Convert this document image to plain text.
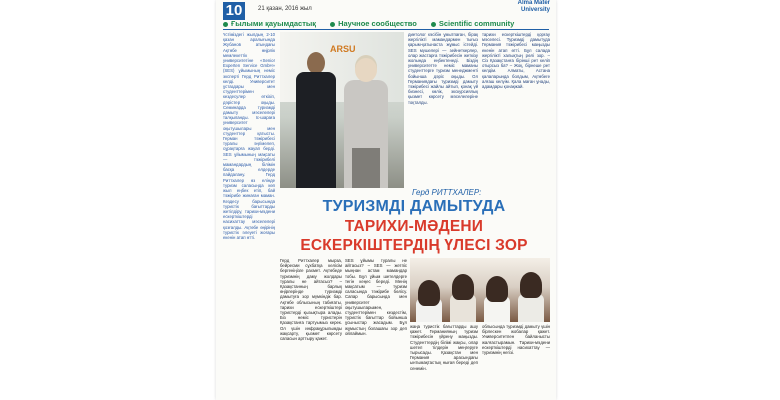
10	21 қазан, 2016 жыл
Alma Mater
University
Ғылыми қауымдастық	Научное сообщество	Scientific community
Үстіміздегі жылдың 2-10 қазан аралығында Жубанов атындағы Ақтөбе өңірлік мемлекеттік университетіне «Senior Experten Service GmbH» (SES) ұйымының неміс эксперті Герд Риттхалер келді. Университет ұстаздары мен студенттерімен кездесулер өткізіп, дәрістер оқыды. Семинарда туризмді дамыту мәселелері талқыланды. Іс-шараға университет оқытушылары мен студенттер қатысты. Герман тәжірибесі туралы әңгімелеп, сұрақтарға жауап берді. SES ұйымының мақсаты — тәжірибелі мамандардың білімін басқа елдерде пайдалану. Герд Риттхалер өз елінде туризм саласында көп жыл еңбек етіп, бай тәжірибе жинаған маман. Кездесу барысында туристік бағыттарды жетілдіру, тарихи-мәдени ескерткіштерді насихаттау мәселелері қозғалды. Ақтөбе өңірінің туристік әлеуеті жоғары екенін атап өтті.
ARSU
диетолог кәсібін ұмытпаған, бірақ жергілікті мамандармен тығыз қарым-қатынаста жұмыс істейді. SES мүшелері — зейнеткерлер, олар жастарға тәжірибесін жеткізу жолында еңбектенеді. Біздің университетте неміс маманы студенттерге туризм менеджменті бойынша дәріс оқыды. Ол Германиядағы туризмді дамыту тәжірибесі жайлы айтып, қонақ үй бизнесі, көлік, экскурсиялық қызмет көрсету мәселелеріне тоқталды.
тарихи ескерткіштерді қорғау мәселесі. Туризмді дамытуда Германия тәжірибесі маңызды екенін атап өтті. Бұл салада жергілікті халықтың рөлі зор. – Сіз Қазақстанға бірінші рет келіп отырсыз ба? – Жоқ, бірнеше рет келдім. Алматы, Астана қалаларында болдым, Ақтөбеге алғаш келуім. Қала маған ұнады, адамдары қонақжай.
Герд РИТТХАЛЕР:
ТУРИЗМДІ ДАМЫТУДА
ТАРИХИ-МӘДЕНИ
ЕСКЕРКІШТЕРДІҢ ҮЛЕСІ ЗОР
Герд Риттхалер мырза, бейресми сұхбатқа келісім бергеніңізге рахмет. Ақтөбеде туризмнің даму жолдары туралы не айтасыз? – Қазақстанның барлық өңірлерінде туризмді дамытуға зор мүмкіндік бар. Ақтөбе облысының табиғаты, тарихи ескерткіштері туристерді қызықтыра алады. Біз неміс туристерін Қазақстанға тартуымыз керек. Ол үшін инфрақұрылымды жақсарту, қызмет көрсету сапасын арттыру қажет.
SES ұйымы туралы не айтасыз? – SES — жетпіс мыңнан астам мамандар тобы. Бұл ұйым шетелдерге тегін кеңес береді. Менің мақсатым — туризм саласында тәжірибе бөлісу. Сапар барысында мен университет оқытушыларымен, студенттерімен кездестім, туристік бағыттар бойынша ұсыныстар жасадым. Бұл жұмыстың болашағы зор деп ойлаймын.
жаңа туристік бағыттарды ашу қажет. Германияның туризм тәжірибесін үйрену маңызды. Студенттердің білімі жақсы, олар шетел тілдерін меңгеруге тырысады. Қазақстан мен Германия арасындағы ынтымақтастық нығая береді деп сенемін.
облысында туризмді дамыту үшін бірлескен жобалар қажет. Университетпен байланысты жалғастырамын. Тарихи-мәдени ескерткіштерді насихаттау — туризмнің негізі.
